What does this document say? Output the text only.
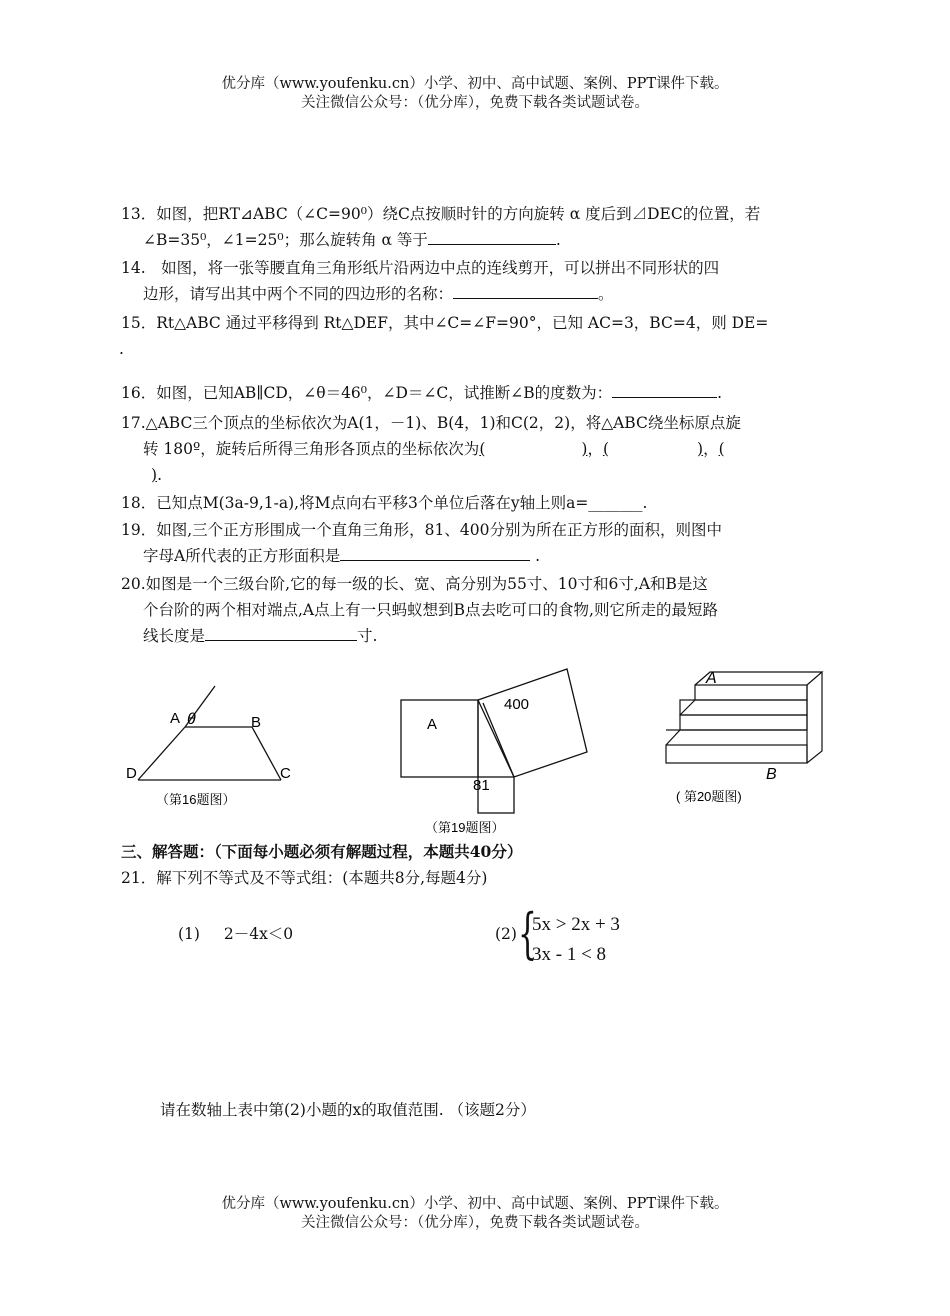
优分库（www.youfenku.cn）小学、初中、高中试题、案例、PPT课件下载。
关注微信公众号：（优分库），免费下载各类试题试卷。
13．如图，把RT⊿ABC（∠C=90⁰）绕C点按顺时针的方向旋转 α 度后到⊿DEC的位置，若
∠B=35⁰，∠1=25⁰；那么旋转角 α 等于	.
14.　如图，将一张等腰直角三角形纸片沿两边中点的连线剪开，可以拼出不同形状的四
边形，请写出其中两个不同的四边形的名称：	。
15．Rt△ABC 通过平移得到 Rt△DEF，其中∠C=∠F=90°，已知 AC=3，BC=4，则 DE=
.
16．如图，已知AB∥CD，∠θ＝46⁰，∠D＝∠C，试推断∠B的度数为：	.
17.△ABC三个顶点的坐标依次为A(1，－1)、B(4，1)和C(2，2)，将△ABC绕坐标原点旋
转 180º，旋转后所得三角形各顶点的坐标依次为(	)，(	)，(
).
18．已知点M(3a-9,1-a),将M点向右平移3个单位后落在y轴上则a=_______.
19．如图,三个正方形围成一个直角三角形，81、400分别为所在正方形的面积，则图中
字母A所代表的正方形面积是	.
20.如图是一个三级台阶,它的每一级的长、宽、高分别为55寸、10寸和6寸,A和B是这
个台阶的两个相对端点,A点上有一只蚂蚁想到B点去吃可口的食物,则它所走的最短路
线长度是	寸.
A θ	B
D	C
（第16题图）
A
400
81
（第19题图）
A
B
( 第20题图)
三、解答题：（下面每小题必须有解题过程，本题共40分）
21．解下列不等式及不等式组：(本题共8分,每题4分)
(1) 2－4x＜0	(2) {
5x > 2x + 3
3x - 1 < 8
请在数轴上表中第(2)小题的x的取值范围. （该题2分）
优分库（www.youfenku.cn）小学、初中、高中试题、案例、PPT课件下载。
关注微信公众号：（优分库），免费下载各类试题试卷。
